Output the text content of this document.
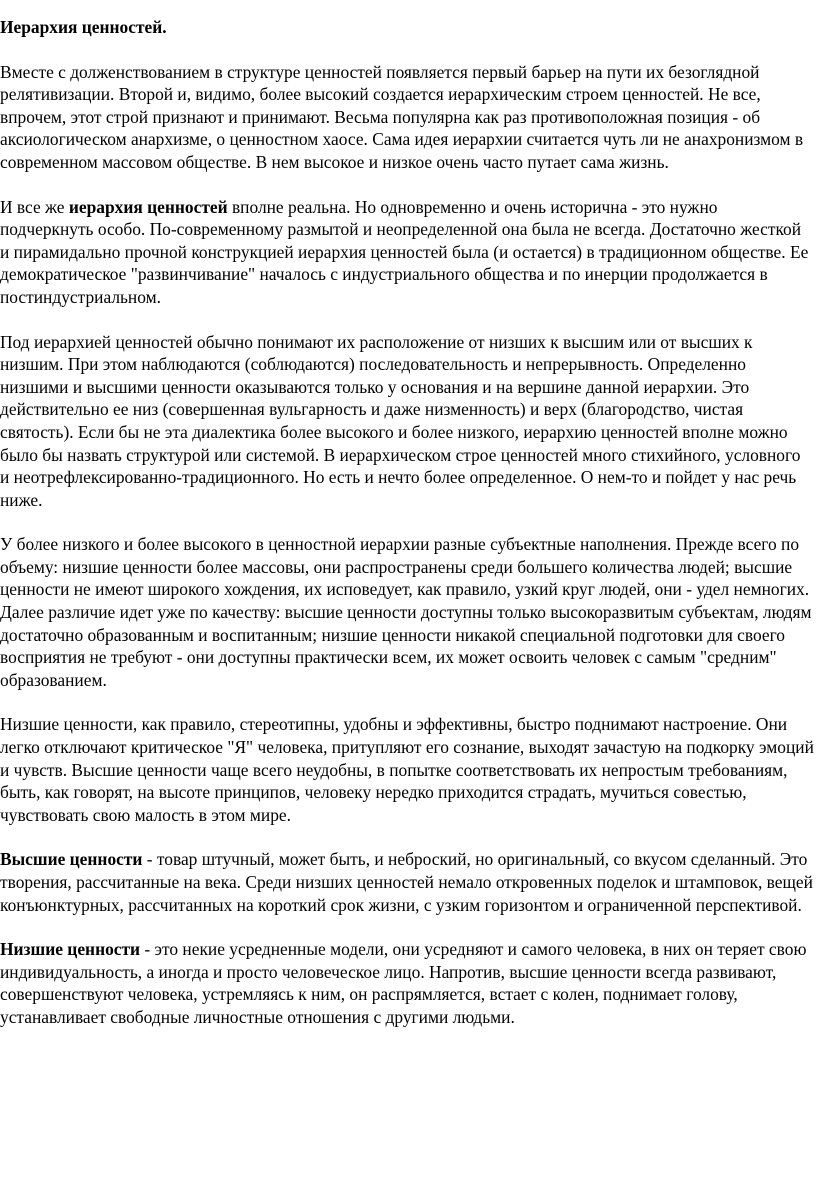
Иерархия ценностей.

Вместе с долженствованием в структуре ценностей появляется первый барьер на пути их безоглядной релятивизации. Второй и, видимо, более высокий создается иерархическим строем ценностей. Не все, впрочем, этот строй признают и принимают. Весьма популярна как раз противоположная позиция - об аксиологическом анархизме, о ценностном хаосе. Сама идея иерархии считается чуть ли не анахронизмом в современном массовом обществе. В нем высокое и низкое очень часто путает сама жизнь.

И все же иерархия ценностей вполне реальна. Но одновременно и очень исторична - это нужно подчеркнуть особо. По-современному размытой и неопределенной она была не всегда. Достаточно жесткой и пирамидально прочной конструкцией иерархия ценностей была (и остается) в традиционном обществе. Ее демократическое "развинчивание" началось с индустриального общества и по инерции продолжается в постиндустриальном.

Под иерархией ценностей обычно понимают их расположение от низших к высшим или от высших к низшим. При этом наблюдаются (соблюдаются) последовательность и непрерывность. Определенно низшими и высшими ценности оказываются только у основания и на вершине данной иерархии. Это действительно ее низ (совершенная вульгарность и даже низменность) и верх (благородство, чистая святость). Если бы не эта диалектика более высокого и более низкого, иерархию ценностей вполне можно было бы назвать структурой или системой. В иерархическом строе ценностей много стихийного, условного и неотрефлексированно-традиционного. Но есть и нечто более определенное. О нем-то и пойдет у нас речь ниже.

У более низкого и более высокого в ценностной иерархии разные субъектные наполнения. Прежде всего по объему: низшие ценности более массовы, они распространены среди большего количества людей; высшие ценности не имеют широкого хождения, их исповедует, как правило, узкий круг людей, они - удел немногих. Далее различие идет уже по качеству: высшие ценности доступны только высокоразвитым субъектам, людям достаточно образованным и воспитанным; низшие ценности никакой специальной подготовки для своего восприятия не требуют - они доступны практически всем, их может освоить человек с самым "средним" образованием.

Низшие ценности, как правило, стереотипны, удобны и эффективны, быстро поднимают настроение. Они легко отключают критическое "Я" человека, притупляют его сознание, выходят зачастую на подкорку эмоций и чувств. Высшие ценности чаще всего неудобны, в попытке соответствовать их непростым требованиям, быть, как говорят, на высоте принципов, человеку нередко приходится страдать, мучиться совестью, чувствовать свою малость в этом мире.

Высшие ценности - товар штучный, может быть, и неброский, но оригинальный, со вкусом сделанный. Это творения, рассчитанные на века. Среди низших ценностей немало откровенных поделок и штамповок, вещей конъюнктурных, рассчитанных на короткий срок жизни, с узким горизонтом и ограниченной перспективой.

Низшие ценности - это некие усредненные модели, они усредняют и самого человека, в них он теряет свою индивидуальность, а иногда и просто человеческое лицо. Напротив, высшие ценности всегда развивают, совершенствуют человека, устремляясь к ним, он распрямляется, встает с колен, поднимает голову, устанавливает свободные личностные отношения с другими людьми.
